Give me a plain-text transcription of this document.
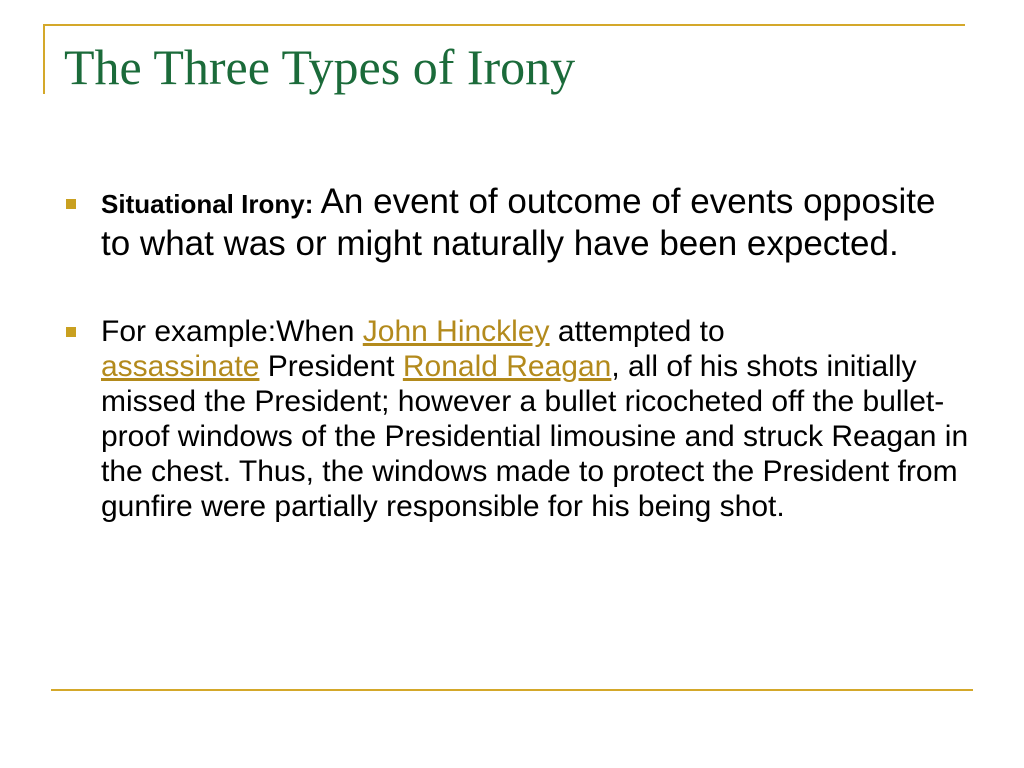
The Three Types of Irony
Situational Irony: An event of outcome of events opposite to what was or might naturally have been expected.
For example:When John Hinckley attempted to
assassinate President Ronald Reagan, all of his shots initially missed the President; however a bullet ricocheted off the bullet-proof windows of the Presidential limousine and struck Reagan in the chest. Thus, the windows made to protect the President from gunfire were partially responsible for his being shot.
